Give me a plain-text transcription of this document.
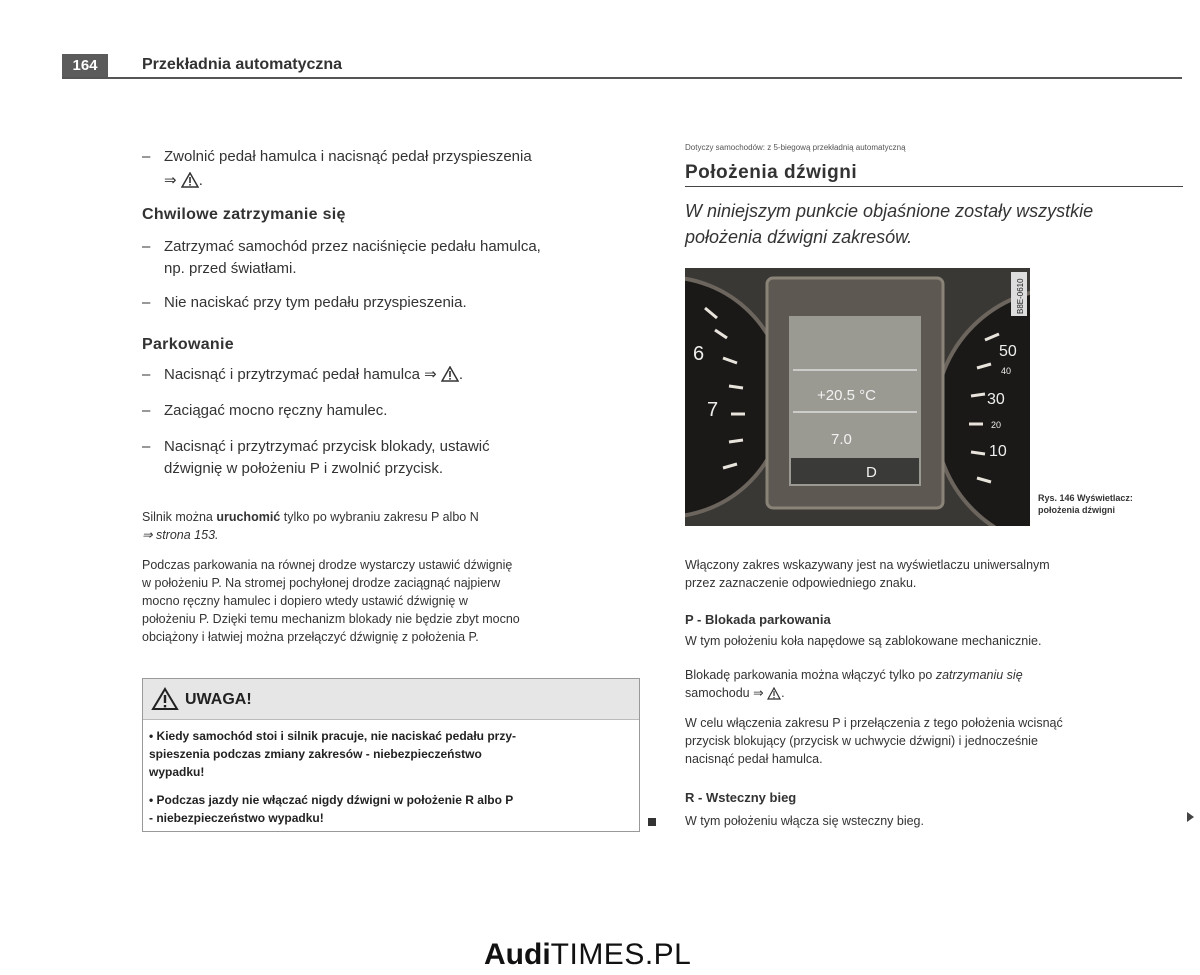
164	Przekładnia automatyczna
– Zwolnić pedał hamulca i nacisnąć pedał przyspieszenia
⇒ .
Chwilowe zatrzymanie się
– Zatrzymać samochód przez naciśnięcie pedału hamulca,
np. przed światłami.
– Nie naciskać przy tym pedału przyspieszenia.
Parkowanie
– Nacisnąć i przytrzymać pedał hamulca ⇒ .
– Zaciągać mocno ręczny hamulec.
– Nacisnąć i przytrzymać przycisk blokady, ustawić
dźwignię w położeniu P i zwolnić przycisk.
Silnik można uruchomić tylko po wybraniu zakresu P albo N
⇒ strona 153.
Podczas parkowania na równej drodze wystarczy ustawić dźwignię
w położeniu P. Na stromej pochyłonej drodze zaciągnąć najpierw
mocno ręczny hamulec i dopiero wtedy ustawić dźwignię w
położeniu P. Dzięki temu mechanizm blokady nie będzie zbyt mocno
obciążony i łatwiej można przełączyć dźwignię z położenia P.
UWAGA!
• Kiedy samochód stoi i silnik pracuje, nie naciskać pedału przy-
spieszenia podczas zmiany zakresów - niebezpieczeństwo
wypadku!
• Podczas jazdy nie włączać nigdy dźwigni w położenie R albo P
- niebezpieczeństwo wypadku!
Dotyczy samochodów: z 5-biegową przekładnią automatyczną
Położenia dźwigni
W niniejszym punkcie objaśnione zostały wszystkie
położenia dźwigni zakresów.
6
7
50
40
30
20
10
+20.5 °C
7.0
D
B8E-0610
Rys. 146 Wyświetlacz:
położenia dźwigni
Włączony zakres wskazywany jest na wyświetlaczu uniwersalnym
przez zaznaczenie odpowiedniego znaku.
P - Blokada parkowania
W tym położeniu koła napędowe są zablokowane mechanicznie.
Blokadę parkowania można włączyć tylko po zatrzymaniu się
samochodu ⇒ .
W celu włączenia zakresu P i przełączenia z tego położenia wcisnąć
przycisk blokujący (przycisk w uchwycie dźwigni) i jednocześnie
nacisnąć pedał hamulca.
R - Wsteczny bieg
W tym położeniu włącza się wsteczny bieg.
AudiTIMES.PL
